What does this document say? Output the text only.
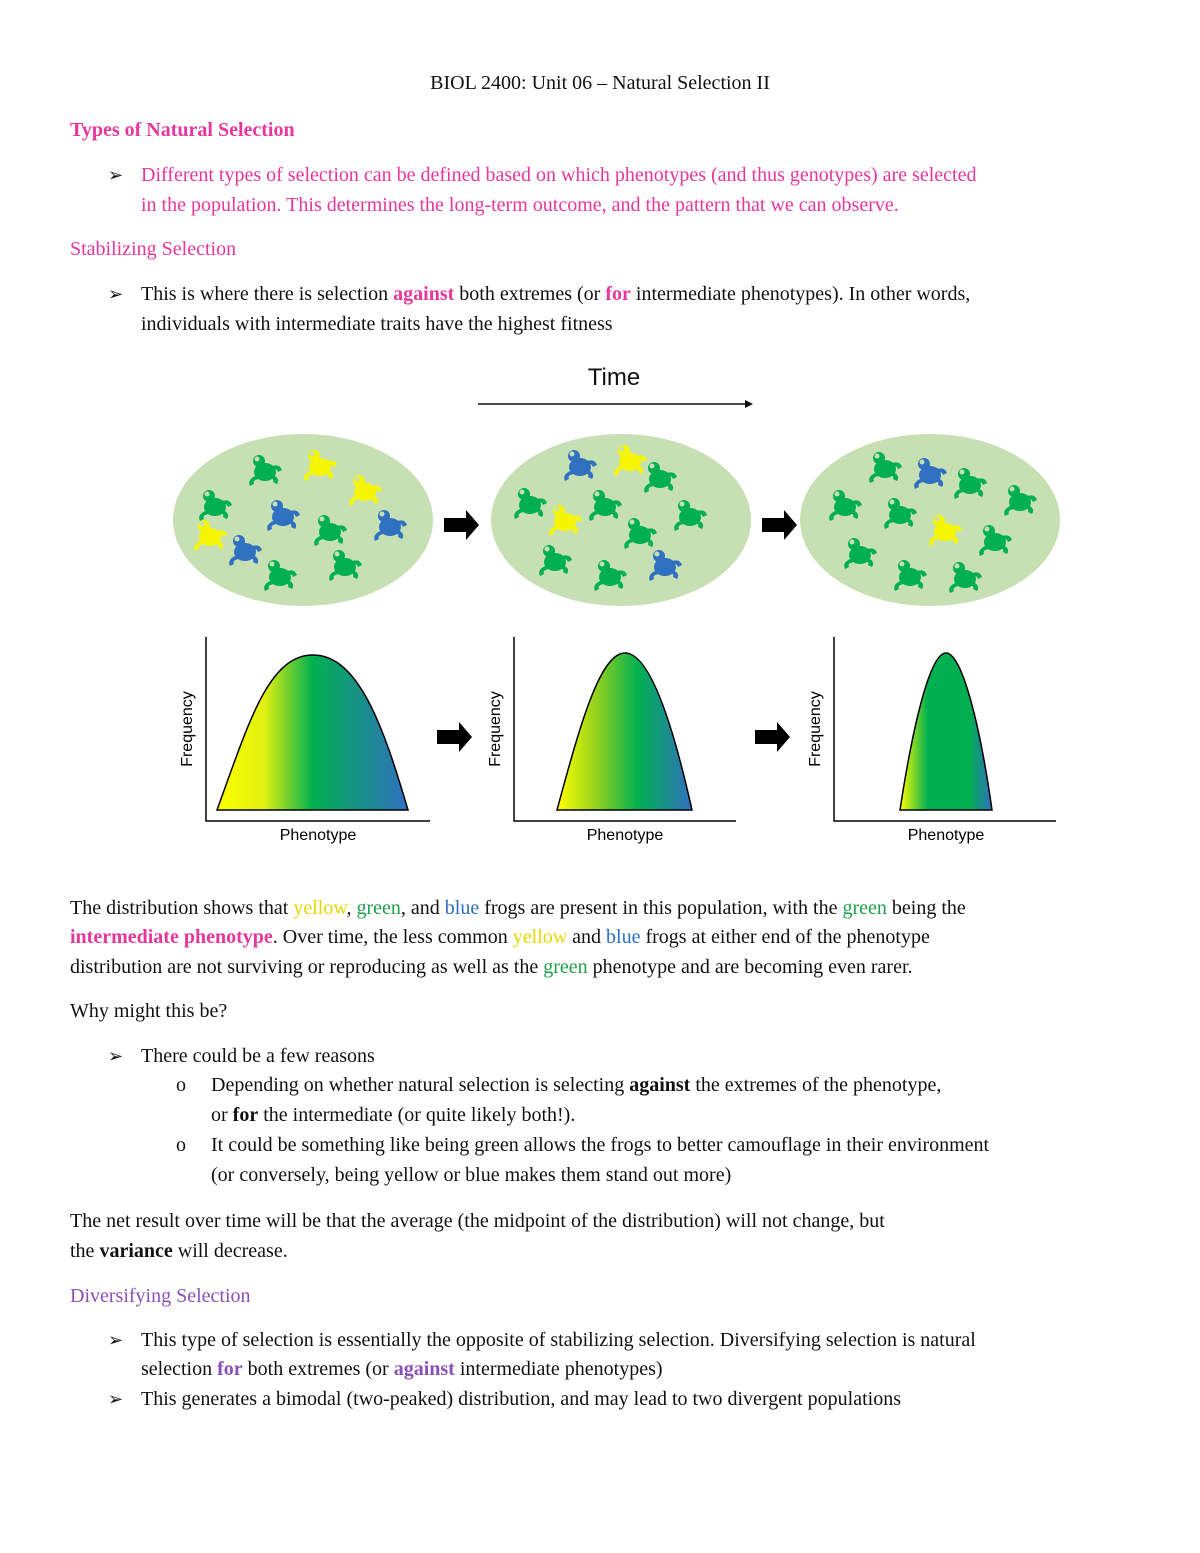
BIOL 2400: Unit 06 – Natural Selection II
Types of Natural Selection
➢ Different types of selection can be defined based on which phenotypes (and thus genotypes) are selected
in the population. This determines the long-term outcome, and the pattern that we can observe.
Stabilizing Selection
➢ This is where there is selection against both extremes (or for intermediate phenotypes). In other words,
individuals with intermediate traits have the highest fitness
Time
Frequency
Phenotype
Frequency
Phenotype
Frequency
Phenotype
The distribution shows that yellow, green, and blue frogs are present in this population, with the green being the
intermediate phenotype. Over time, the less common yellow and blue frogs at either end of the phenotype
distribution are not surviving or reproducing as well as the green phenotype and are becoming even rarer.
Why might this be?
➢ There could be a few reasons
o Depending on whether natural selection is selecting against the extremes of the phenotype,
or for the intermediate (or quite likely both!).
o It could be something like being green allows the frogs to better camouflage in their environment
(or conversely, being yellow or blue makes them stand out more)
The net result over time will be that the average (the midpoint of the distribution) will not change, but
the variance will decrease.
Diversifying Selection
➢ This type of selection is essentially the opposite of stabilizing selection. Diversifying selection is natural
selection for both extremes (or against intermediate phenotypes)
➢ This generates a bimodal (two-peaked) distribution, and may lead to two divergent populations
